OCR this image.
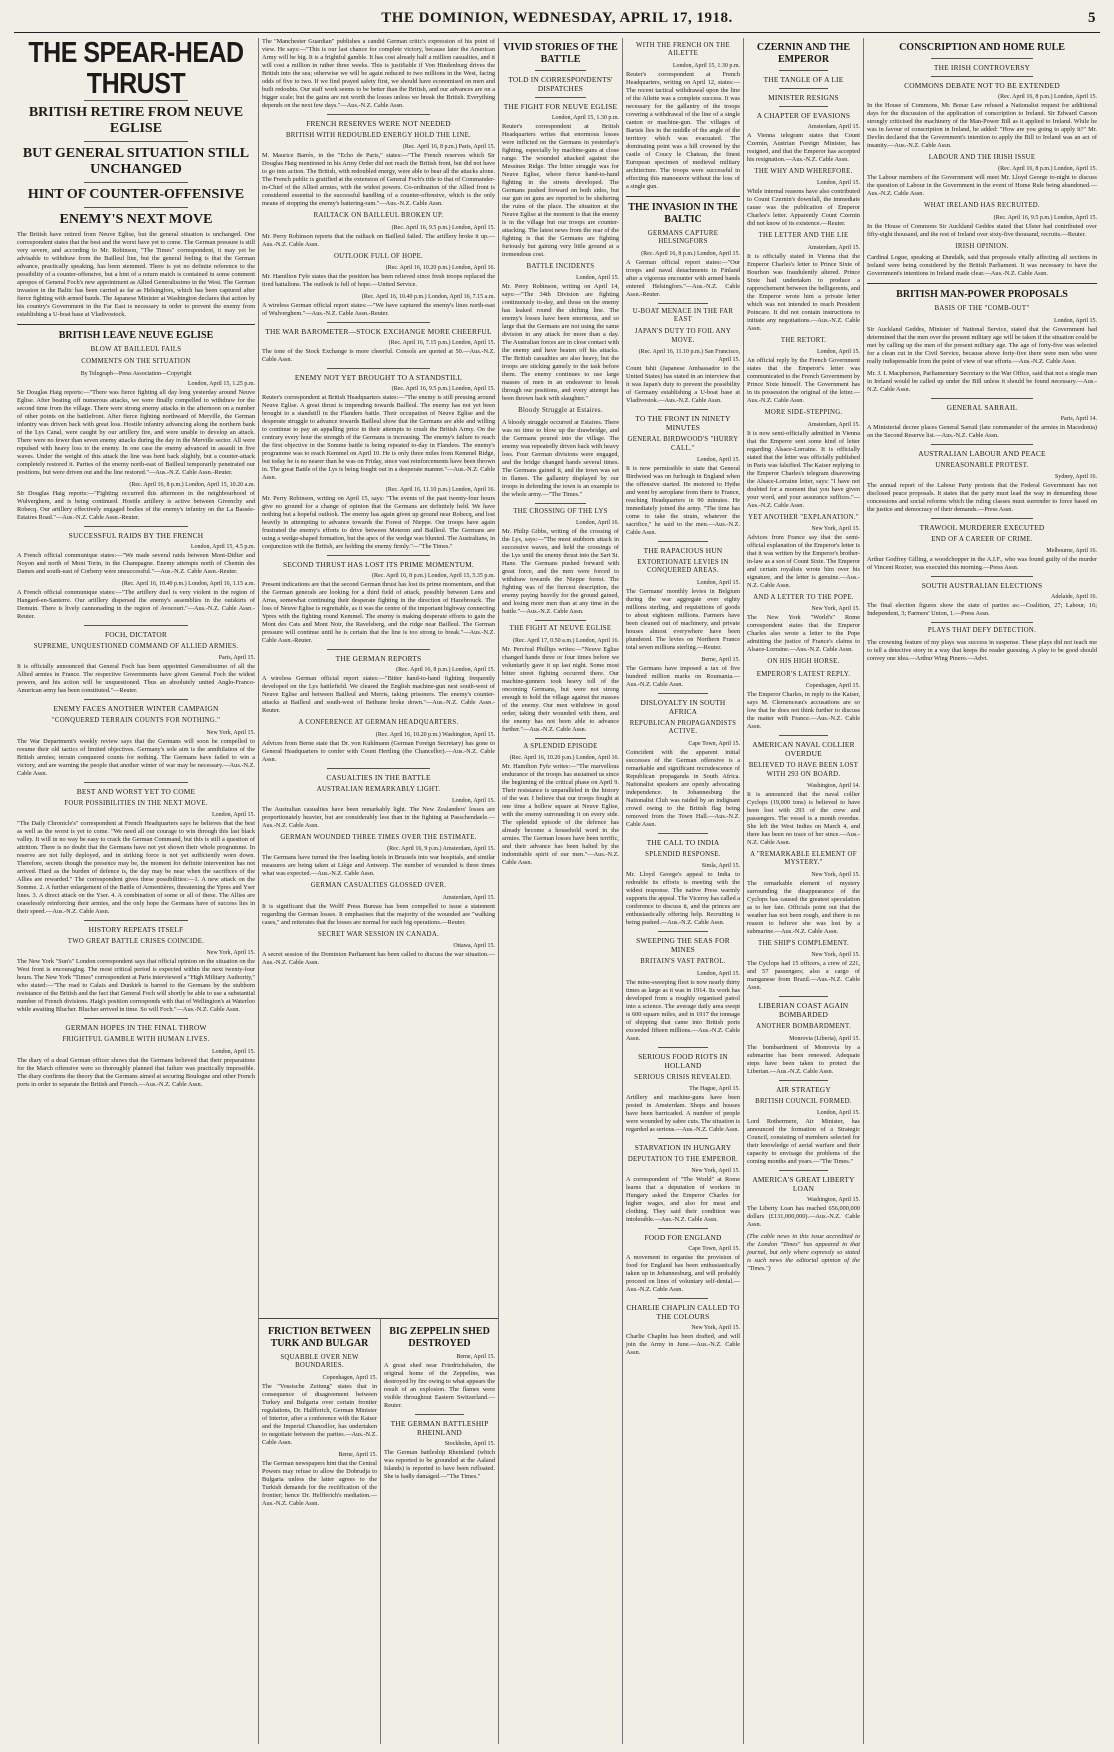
THE DOMINION, WEDNESDAY, APRIL 17, 1918.	5
THE SPEAR-HEAD THRUST
BRITISH RETIRE FROM NEUVE EGLISE
BUT GENERAL SITUATION STILL UNCHANGED
HINT OF COUNTER-OFFENSIVE
ENEMY'S NEXT MOVE

The British have retired from Neuve Eglise, but the general situation is unchanged. One correspondent states that the best and the worst have yet to come. The German pressure is still very severe, and according to Mr. Robinson, "The Times" correspondent, it may yet be advisable to withdraw from the Bailleul line, but the general feeling is that the German advance, practically speaking, has been stemmed. There is yet no definite reference to the possibility of a counter-offensive, but a hint of a return match is contained in some comment apropos of General Foch's new appointment as Allied Generalissimo in the West. The German invasion in the Baltic has been carried as far as Helsingfors, which has been captured after fierce fighting with armed bands. The Japanese Minister at Washington declares that action by his country's Government in the Far East is necessary in order to prevent the enemy from establishing a U-boat base at Vladivostock.

BRITISH LEAVE NEUVE EGLISE
BLOW AT BAILLEUL FAILS
COMMENTS ON THE SITUATION
By Telegraph—Press Association—Copyright
London, April 15, 1.25 p.m.

Sir Douglas Haig reports:—"There was fierce fighting all day long yesterday around Neuve Eglise. After beating off numerous attacks, we were finally compelled to withdraw for the second time from the village. There were strong enemy attacks in the afternoon on a number of other points on the battlefront. After fierce fighting northward of Merville, the German infantry was driven back with great loss. Hostile infantry advancing along the northern bank of the Lys Canal, were caught by our artillery fire, and were unable to develop an attack. There were no fewer than seven enemy attacks during the day in the Merville sector. All were repulsed with heavy loss to the enemy. In one case the enemy advanced in assault in five waves. Under the weight of this attack the line was bent back slightly, but a counter-attack completely restored it. Parties of the enemy north-east of Bailleul temporarily penetrated our positions, but were driven out and the line restored."—Aus.-N.Z. Cable Assn.-Reuter.

(Rec. April 16, 8 p.m.) London, April 15, 10.20 a.m.

Sir Douglas Haig reports:—"Fighting occurred this afternoon in the neighbourhood of Wulverghem, and is being continued. Hostile artillery is active between Givenchy and Robecq. Our artillery effectively engaged bodies of the enemy's infantry on the La Bassée-Estaires Road."—Aus.-N.Z. Cable Assn.-Reuter.

SUCCESSFUL RAIDS BY THE FRENCH
London, April 15, 4.5 p.m.

A French official communique states:—"We made several raids between Mont-Didier and Noyon and north of Mont Torin, in the Champagne. Enemy attempts north of Chemin des Dames and south-east of Corbeny were unsuccessful."—Aus.-N.Z. Cable Assn.-Reuter.

(Rec. April 16, 10.40 p.m.) London, April 16, 1.15 a.m.

A French official communique states:—"The artillery duel is very violent in the region of Hangard-en-Santerre. Our artillery dispersed the enemy's assemblies in the outskirts of Demuin. There is lively cannonading in the region of Avocourt."—Aus.-N.Z. Cable Assn.-Reuter.

FOCH, DICTATOR
SUPREME, UNQUESTIONED COMMAND OF ALLIED ARMIES.
Paris, April 15.

It is officially announced that General Foch has been appointed Generalissimo of all the Allied armies in France. The respective Governments have given General Foch the widest powers, and his action will be unquestioned. Thus an absolutely united Anglo-Franco-American army has been constituted."—Reuter.

ENEMY FACES ANOTHER WINTER CAMPAIGN
"CONQUERED TERRAIN COUNTS FOR NOTHING."
New York, April 15.

The War Department's weekly review says that the Germans will soon be compelled to resume their old tactics of limited objectives. Germany's sole aim is the annihilation of the British armies; terrain conquered counts for nothing. The Germans have failed to win a victory, and are warning the people that another winter of war may be necessary.—Aus.-N.Z. Cable Assn.

BEST AND WORST YET TO COME
FOUR POSSIBILITIES IN THE NEXT MOVE.
London, April 15.

"The Daily Chronicle's" correspondent at French Headquarters says he believes that the best as well as the worst is yet to come. "We need all our courage to win through this last black valley. It will in no way be easy to crack the German Command, but this is still a question of attrition. There is no doubt that the Germans have not yet shown their whole programme. In reserve are not fully deployed, and in striking force is not yet sufficiently worn down. Therefore, secrets though the presence may be, the moment for definite intervention has not arrived. Hard as the burden of defence is, the day may be near when the sacrifices of the Allies are rewarded." The correspondent gives these possibilities:—1. A new attack on the Somme. 2. A further enlargement of the Battle of Armentières, threatening the Ypres and Yser lines. 3. A direct attack on the Yser. 4. A combination of some or all of these. The Allies are ceaselessly reinforcing their armies, and the only hope the Germans have of success lies in their speed.—Aus.-N.Z. Cable Assn.

HISTORY REPEATS ITSELF
TWO GREAT BATTLE CRISES COINCIDE.
New York, April 15.

The New York "Sun's" London correspondent says that official opinion on the situation on the West front is encouraging. The most critical period is expected within the next twenty-four hours. The New York "Times" correspondent at Paris interviewed a "High Military Authority," who stated:—"The road to Calais and Dunkirk is barred to the Germans by the stubborn resistance of the British and the fact that General Foch will shortly be able to use a substantial number of French divisions. Haig's position corresponds with that of Wellington's at Waterloo while awaiting Blucher. Blucher arrived in time. So will Foch."—Aus.-N.Z. Cable Assn.

GERMAN HOPES IN THE FINAL THROW
FRIGHTFUL GAMBLE WITH HUMAN LIVES.
London, April 15.

The diary of a dead German officer shows that the Germans believed that their preparations for the March offensive were so thoroughly planned that failure was practically impossible. The diary confirms the theory that the Germans aimed at securing Boulogne and other French ports in order to separate the British and French.—Aus.-N.Z. Cable Assn.

The "Manchester Guardian" publishes a candid German critic's expression of his point of view. He says:—"This is our last chance for complete victory, because later the American Army will be big. It is a frightful gamble. It has cost already half a million casualties, and it will cost a million in rather three weeks. This is justifiable if Von Hindenburg drives the British into the sea; otherwise we will be again reduced to two millions in the West, facing odds of five to two. If we find prayed safety first, we should have economised on men and built redoubts. Our staff work seems to be better than the British, and our advances are on a bigger scale; but the gains are not worth the losses unless we break the British. Everything depends on the next few days."—Aus.-N.Z. Cable Assn.

FRENCH RESERVES WERE NOT NEEDED
BRITISH WITH REDOUBLED ENERGY HOLD THE LINE.
(Rec. April 16, 8 p.m.) Paris, April 15.

M. Maurice Barrès, in the "Echo de Paris," states:—"The French reserves which Sir Douglas Haig mentioned in his Army Order did not reach the British front, but did not have to go into action. The British, with redoubled energy, were able to bear all the attacks alone. The French public is gratified at the extension of General Foch's title to that of Commander-in-Chief of the Allied armies, with the widest powers. Co-ordination of the Allied front is considered essential to the successful handling of a counter-offensive, which is the only means of stopping the enemy's battering-ram."—Aus.-N.Z. Cable Assn.

RAILTACK ON BAILLEUL BROKEN UP.
(Rec. April 16, 9.5 p.m.) London, April 15.

Mr. Perry Robinson reports that the railtack on Bailleul failed. The artillery broke it up.—Aus.-N.Z. Cable Assn.

OUTLOOK FULL OF HOPE.
(Rec. April 16, 10.20 p.m.) London, April 16.

Mr. Hamilton Fyfe states that the position has been relieved since fresh troops replaced the tired battalions. The outlook is full of hope.—United Service.

(Rec. April 16, 10.40 p.m.) London, April 16, 7.15 a.m.

A wireless German official report states:—"We have captured the enemy's lines north-east of Wulverghem."—Aus.-N.Z. Cable Assn.-Reuter.

THE WAR BAROMETER—STOCK EXCHANGE MORE CHEERFUL
(Rec. April 16, 7.15 p.m.) London, April 15.

The tone of the Stock Exchange is more cheerful. Consols are quoted at 50.—Aus.-N.Z. Cable Assn.

ENEMY NOT YET BROUGHT TO A STANDSTILL
(Rec. April 16, 9.5 p.m.) London, April 15.

Reuter's correspondent at British Headquarters states:—"The enemy is still pressing around Neuve Eglise. A great thrust is impending towards Bailleul. The enemy has not yet been brought to a standstill in the Flanders battle. Their occupation of Neuve Eglise and the desperate struggle to advance towards Bailleul show that the Germans are able and willing to continue to pay an appalling price in their attempts to crush the British Army. On the contrary every hour the strength of the Germans is increasing. The enemy's failure to reach the first objective in the Somme battle is being repeated to-day in Flanders. The enemy's programme was to reach Kemmel on April 10. He is only three miles from Kemmel Ridge, but today he is no nearer than he was on Friday, since vast reinforcements have been thrown in. The great Battle of the Lys is being fought out in a desperate manner."—Aus.-N.Z. Cable Assn.

(Rec. April 16, 11.10 p.m.) London, April 16.

Mr. Perry Robinson, writing on April 15, says: "The events of the past twenty-four hours give no ground for a change of opinion that the Germans are definitely held. We have nothing but a hopeful outlook. The enemy has again given up ground near Robecq, and lost heavily in attempting to advance towards the Forest of Nieppe. Our troops have again frustrated the enemy's efforts to drive between Meteren and Bailleul. The Germans are using a wedge-shaped formation, but the apex of the wedge was blunted. The Australians, in conjunction with the British, are holding the enemy firmly."—"The Times."

SECOND THRUST HAS LOST ITS PRIME MOMENTUM.
(Rec. April 16, 8 p.m.) London, April 15, 5.35 p.m.

Present indications are that the second German thrust has lost its prime momentum, and that the German generals are looking for a third field of attack, possibly between Lens and Arras, somewhat continuing their desperate fighting in the direction of Hazebrouck. The loss of Neuve Eglise is regrettable, as it was the centre of the important highway connecting Ypres with the fighting round Kemmel. The enemy is making desperate efforts to gain the Mont des Cats and Mont Noir, the Ravelsberg, and the ridge near Bailleul. The German pressure will continue until he is certain that the line is too strong to break."—Aus.-N.Z. Cable Assn.-Reuter.

THE GERMAN REPORTS
(Rec. April 16, 8 p.m.) London, April 15.

A wireless German official report states:—"Bitter hand-to-hand fighting frequently developed on the Lys battlefield. We cleared the English machine-gun nest south-west of Neuve Eglise and between Bailleul and Merris, taking prisoners. The enemy's counter-attacks at Bailleul and south-west of Bethune broke down."—Aus.-N.Z. Cable Assn.-Reuter.

A CONFERENCE AT GERMAN HEADQUARTERS.
(Rec. April 16, 10.20 p.m.) Washington, April 15.

Advices from Berne state that Dr. von Kuhlmann (German Foreign Secretary) has gone to General Headquarters to confer with Count Hertling (the Chancellor).—Aus.-N.Z. Cable Assn.

CASUALTIES IN THE BATTLE
AUSTRALIAN REMARKABLY LIGHT.
London, April 15.

The Australian casualties have been remarkably light. The New Zealanders' losses are proportionately heavier, but are considerably less than in the fighting at Passchendaele.—Aus.-N.Z. Cable Assn.

GERMAN WOUNDED THREE TIMES OVER THE ESTIMATE.
(Rec. April 16, 9 p.m.) Amsterdam, April 15.

The Germans have turned the five leading hotels in Brussels into war hospitals, and similar measures are being taken at Liège and Antwerp. The number of wounded is three times what was expected.—Aus.-N.Z. Cable Assn.

GERMAN CASUALTIES GLOSSED OVER.
Amsterdam, April 15.

It is significant that the Wolff Press Bureau has been compelled to issue a statement regarding the German losses. It emphasises that the majority of the wounded are "walking cases," and reiterates that the losses are normal for such big operations.—Reuter.

SECRET WAR SESSION IN CANADA.
Ottawa, April 15.

A secret session of the Dominion Parliament has been called to discuss the war situation.—Aus.-N.Z. Cable Assn.

FRICTION BETWEEN TURK AND BULGAR
SQUABBLE OVER NEW BOUNDARIES.
Copenhagen, April 15.

The "Vossische Zeitung" states that in consequence of disagreement between Turkey and Bulgaria over certain frontier regulations, Dr. Halfferich, German Minister of Interior, after a conference with the Kaiser and the Imperial Chancellor, has undertaken to negotiate between the parties.—Aus.-N.Z. Cable Assn.

Berne, April 15.

The German newspapers hint that the Central Powers may refuse to allow the Dobrudja to Bulgaria unless the latter agrees to the Turkish demands for the rectification of the frontier; hence Dr. Helfferich's mediation.—Aus.-N.Z. Cable Assn.

BIG ZEPPELIN SHED DESTROYED
Berne, April 15.

A great shed near Friedrichshafen, the original home of the Zeppelins, was destroyed by fire owing to what appears the result of an explosion. The flames were visible throughout Eastern Switzerland.—Reuter.

THE GERMAN BATTLESHIP RHEINLAND
Stockholm, April 15.

The German battleship Rheinland (which was reported to be grounded at the Aaland Islands) is reported to have been refloated. She is badly damaged.—"The Times."

VIVID STORIES OF THE BATTLE
TOLD IN CORRESPONDENTS' DISPATCHES
THE FIGHT FOR NEUVE EGLISE
London, April 15, 1.30 p.m.

Reuter's correspondent at British Headquarters writes that enormous losses were inflicted on the Germans in yesterday's fighting, especially by machine-guns at close range. The wounded attacked against the Messines Ridge. The bitter struggle was for Neuve Eglise, where fierce hand-to-hand fighting in the streets developed. The Germans pushed forward on both sides, but our gun on guns are reported to be sheltering the ruins of the place. The situation at the Neuve Eglise at the moment is that the enemy is in the village but our troops are counter-attacking. The latest news from the rear of the fighting is that the Germans are fighting furiously but gaining very little ground at a tremendous cost.

BATTLE INCIDENTS
London, April 15.

Mr. Perry Robinson, writing on April 14, says:—"The 34th Division are fighting continuously to-day, and those on the enemy has leaked round the shifting line. The enemy's losses have been enormous, and so large that the Germans are not using the same division in any attack for more than a day. The Australian forces are in close contact with the enemy and have beaten off his attacks. The British casualties are also heavy, but the troops are sticking gamely to the task before them. The enemy continues to use large masses of men in an endeavour to break through our positions, and every attempt has been thrown back with slaughter."

Bloody Struggle at Estaires.

A bloody struggle occurred at Estaires. There was no time to blow up the drawbridge, and the Germans poured into the village. The enemy was repeatedly driven back with heavy loss. Four German divisions were engaged, and the bridge changed hands several times. The Germans gained it, and the town was set in flames. The gallantry displayed by our troops in defending the town is an example to the whole army.—"The Times."

THE CROSSING OF THE LYS
London, April 16.

Mr. Philip Gibbs, writing of the crossing of the Lys, says:—"The most stubborn attack in successive waves, and held the crossings of the Lys until the enemy thrust into the Sart St. Hane. The Germans pushed forward with great force, and the men were forced to withdraw towards the Nieppe forest. The fighting was of the fiercest description, the enemy paying heavily for the ground gained, and losing more men than at any time in the battle."—Aus.-N.Z. Cable Assn.

THE FIGHT AT NEUVE EGLISE
(Rec. April 17, 0.50 a.m.) London, April 16.

Mr. Percival Phillips writes:—"Neuve Eglise changed hands three or four times before we voluntarily gave it up last night. Some most bitter street fighting occurred there. Our machine-gunners took heavy toll of the oncoming Germans, but were not strong enough to hold the village against the masses of the enemy. Our men withdrew in good order, taking their wounded with them, and the enemy has not been able to advance further."—Aus.-N.Z. Cable Assn.

A SPLENDID EPISODE
(Rec. April 16, 10.20 p.m.) London, April 16.

Mr. Hamilton Fyfe writes:—"The marvellous endurance of the troops has sustained us since the beginning of the critical phase on April 9. Their resistance is unparalleled in the history of the war. I believe that our troops fought at one time a hollow square at Neuve Eglise, with the enemy surrounding it on every side. The splendid episode of the defence has already become a household word in the armies. The German losses have been terrific, and their advance has been halted by the indomitable spirit of our men."—Aus.-N.Z. Cable Assn.

WITH THE FRENCH ON THE AILETTE
London, April 15, 1.30 p.m.

Reuter's correspondent at French Headquarters, writing on April 12, states:—The recent tactical withdrawal upon the line of the Ailette was a complete success. It was necessary for the gallantry of the troops covering a withdrawal of the line of a single canton or machine-gun. The villages of Barisis lies in the middle of the angle of the territory which was evacuated. The dominating point was a hill crowned by the castle of Coucy le Chateau, the finest European specimen of medieval military architecture. The troops were successful in effecting this manoeuvre without the loss of a single gun.

THE INVASION IN THE BALTIC
GERMANS CAPTURE HELSINGFORS
(Rec. April 16, 8 p.m.) London, April 15.

A German official report states:—"Our troops and naval detachments in Finland after a vigorous encounter with armed bands entered Helsingfors."—Aus.-N.Z. Cable Assn.-Reuter.

U-BOAT MENACE IN THE FAR EAST
JAPAN'S DUTY TO FOIL ANY MOVE.
(Rec. April 16, 11.10 p.m.) San Francisco, April 15.

Count Ishii (Japanese Ambassador to the United States) has stated in an interview that it was Japan's duty to prevent the possibility of Germany establishing a U-boat base at Vladivostok.—Aus.-N.Z. Cable Assn.

TO THE FRONT IN NINETY MINUTES
GENERAL BIRDWOOD'S "HURRY CALL."
London, April 15.

It is now permissible to state that General Birdwood was on furlough in England when the offensive started. He motored to Hythe and went by aeroplane from there to France, reaching Headquarters in 90 minutes. He immediately joined the army. "The time has come to take the strain, whatever the sacrifice," he said to the men.—Aus.-N.Z. Cable Assn.

THE RAPACIOUS HUN
EXTORTIONATE LEVIES IN CONQUERED AREAS.
London, April 15.

The Germans' monthly levies in Belgium during the war aggregate over eighty millions sterling, and requisitions of goods to about eighteen millions. Farmers have been cleaned out of machinery, and private houses almost everywhere have been plundered. The levies on Northern France total seven millions sterling.—Reuter.

Berne, April 15.

The Germans have imposed a tax of five hundred million marks on Roumania.—Aus.-N.Z. Cable Assn.

DISLOYALTY IN SOUTH AFRICA
REPUBLICAN PROPAGANDISTS ACTIVE.
Cape Town, April 15.

Coincident with the apparent initial successes of the German offensive is a remarkable and significant recrudescence of Republican propaganda in South Africa. Nationalist speakers are openly advocating independence. In Johannesburg the Nationalist Club was raided by an indignant crowd owing to the British flag being removed from the Town Hall.—Aus.-N.Z. Cable Assn.

THE CALL TO INDIA
SPLENDID RESPONSE.
Simla, April 15.

Mr. Lloyd George's appeal to India to redouble its efforts is meeting with the widest response. The native Press warmly supports the appeal. The Viceroy has called a conference to discuss it, and the princes are enthusiastically offering help. Recruiting is being pushed.—Aus.-N.Z. Cable Assn.

SWEEPING THE SEAS FOR MINES
BRITAIN'S VAST PATROL.
London, April 15.

The mine-sweeping fleet is now nearly thirty times as large as it was in 1914. Its work has developed from a roughly organised patrol into a science. The average daily area swept is 600 square miles, and in 1917 the tonnage of shipping that came into British ports exceeded fifteen millions.—Aus.-N.Z. Cable Assn.

SERIOUS FOOD RIOTS IN HOLLAND
SERIOUS CRISIS REVEALED.
The Hague, April 15.

Artillery and machine-guns have been posted in Amsterdam. Shops and houses have been barricaded. A number of people were wounded by sabre cuts. The situation is regarded as serious.—Aus.-N.Z. Cable Assn.

STARVATION IN HUNGARY
DEPUTATION TO THE EMPEROR.
New York, April 15.

A correspondent of "The World" at Rome learns that a deputation of workers in Hungary asked the Emperor Charles for higher wages, and also for meat and clothing. They said their condition was intolerable.—Aus.-N.Z. Cable Assn.

FOOD FOR ENGLAND
Cape Town, April 15.

A movement to organise the provision of food for England has been enthusiastically taken up in Johannesburg, and will probably proceed on lines of voluntary self-denial.—Aus.-N.Z. Cable Assn.

CHARLIE CHAPLIN CALLED TO THE COLOURS
New York, April 15.

Charlie Chaplin has been drafted, and will join the Army in June.—Aus.-N.Z. Cable Assn.

CZERNIN AND THE EMPEROR
THE TANGLE OF A LIE
MINISTER RESIGNS
A CHAPTER OF EVASIONS
Amsterdam, April 15.

A Vienna telegram states that Count Czernin, Austrian Foreign Minister, has resigned, and that the Emperor has accepted his resignation.—Aus.-N.Z. Cable Assn.

THE WHY AND WHEREFORE.
London, April 15.

While internal reasons have also contributed to Count Czernin's downfall, the immediate cause was the publication of Emperor Charles's letter. Apparently Count Czernin did not know of its existence.—Reuter.

THE LETTER AND THE LIE
Amsterdam, April 15.

It is officially stated in Vienna that the Emperor Charles's letter to Prince Sixte of Bourbon was fraudulently altered. Prince Sixte had undertaken to produce a rapprochement between the belligerents, and the Emperor wrote him a private letter which was not intended to reach President Poincare. It did not contain instructions to initiate any negotiations.—Aus.-N.Z. Cable Assn.

THE RETORT.
London, April 15.

An official reply by the French Government states that the Emperor's letter was communicated to the French Government by Prince Sixte himself. The Government has in its possession the original of the letter.—Aus.-N.Z. Cable Assn.

MORE SIDE-STEPPING.
Amsterdam, April 15.

It is now semi-officially admitted in Vienna that the Emperor sent some kind of letter regarding Alsace-Lorraine. It is officially stated that the letter was officially published in Paris was falsified. The Kaiser replying to the Emperor Charles's telegram disavowing the Alsace-Lorraine letter, says: "I have not doubted for a moment that you have given your word, and your assurance suffices."—Aus.-N.Z. Cable Assn.

YET ANOTHER "EXPLANATION."
New York, April 15.

Advices from France say that the semi-official explanation of the Emperor's letter is that it was written by the Emperor's brother-in-law as a son of Count Sixte. The Emperor and certain royalists wrote him over his signature, and the letter is genuine.—Aus.-N.Z. Cable Assn.

AND A LETTER TO THE POPE.
New York, April 15.

The New York "World's" Rome correspondent states that the Emperor Charles also wrote a letter to the Pope admitting the justice of France's claims to Alsace-Lorraine.—Aus.-N.Z. Cable Assn.

ON HIS HIGH HORSE.
EMPEROR'S LATEST REPLY.
Copenhagen, April 15.

The Emperor Charles, in reply to the Kaiser, says M. Clemenceau's accusations are so low that he does not think further to discuss the matter with France.—Aus.-N.Z. Cable Assn.

AMERICAN NAVAL COLLIER OVERDUE
BELIEVED TO HAVE BEEN LOST WITH 293 ON BOARD.
Washington, April 14.

It is announced that the naval collier Cyclops (19,000 tons) is believed to have been lost with 293 of the crew and passengers. The vessel is a month overdue. She left the West Indies on March 4, and there has been no trace of her since.—Aus.-N.Z. Cable Assn.

A "REMARKABLE ELEMENT OF MYSTERY."
New York, April 15.

The remarkable element of mystery surrounding the disappearance of the Cyclops has caused the greatest speculation as to her fate. Officials point out that the weather has not been rough, and there is no reason to believe she was lost by a submarine.—Aus.-N.Z. Cable Assn.

THE SHIP'S COMPLEMENT.
New York, April 15.

The Cyclops had 15 officers, a crew of 221, and 57 passengers; also a cargo of manganese from Brazil.—Aus.-N.Z. Cable Assn.

LIBERIAN COAST AGAIN BOMBARDED
ANOTHER BOMBARDMENT.
Monrovia (Liberia), April 15.

The bombardment of Monrovia by a submarine has been renewed. Adequate steps have been taken to protect the Liberian.—Aus.-N.Z. Cable Assn.

AIR STRATEGY
BRITISH COUNCIL FORMED.
London, April 15.

Lord Rothermere, Air Minister, has announced the formation of a Strategic Council, consisting of members selected for their knowledge of aerial warfare and their capacity to envisage the problems of the coming months and years.—"The Times."

AMERICA'S GREAT LIBERTY LOAN
Washington, April 15.

The Liberty Loan has reached 656,000,000 dollars (£131,000,000).—Aus.-N.Z. Cable Assn.

(The cable news in this issue accredited to the London "Times" has appeared in that journal, but only where expressly so stated is such news the editorial opinion of the "Times.")

CONSCRIPTION AND HOME RULE
THE IRISH CONTROVERSY
COMMONS DEBATE NOT TO BE EXTENDED
(Rec. April 16, 8 p.m.) London, April 15.

In the House of Commons, Mr. Bonar Law refused a Nationalist request for additional days for the discussion of the application of conscription to Ireland. Sir Edward Carson strongly criticised the machinery of the Man-Power Bill as it applied to Ireland. While he was in favour of conscription in Ireland, he added: "How are you going to apply it?" Mr. Devlin declared that the Government's intention to apply the Bill to Ireland was an act of insanity.—Aus.-N.Z. Cable Assn.

LABOUR AND THE IRISH ISSUE
(Rec. April 16, 8 p.m.) London, April 15.

The Labour members of the Government will meet Mr. Lloyd George to-night to discuss the question of Labour in the Government in the event of Home Rule being abandoned.—Aus.-N.Z. Cable Assn.

WHAT IRELAND HAS RECRUITED.
(Rec. April 16, 9.5 p.m.) London, April 15.

In the House of Commons Sir Auckland Geddes stated that Ulster had contributed over fifty-eight thousand, and the rest of Ireland over sixty-five thousand, recruits.—Reuter.

IRISH OPINION.

Cardinal Logue, speaking at Dundalk, said that proposals vitally affecting all sections in Ireland were being considered by the British Parliament. It was necessary to have the Government's intentions in Ireland made clear.—Aus.-N.Z. Cable Assn.

BRITISH MAN-POWER PROPOSALS
BASIS OF THE "COMB-OUT"
London, April 15.

Sir Auckland Geddes, Minister of National Service, stated that the Government had determined that the men over the present military age will be taken if the situation could be met by calling up the men of the present military age. The age of forty-five was selected for a clean cut in the Civil Service, because above forty-five there were men who were really indispensable from the point of view of war efforts.—Aus.-N.Z. Cable Assn.

Mr. J. I. Macpherson, Parliamentary Secretary to the War Office, said that not a single man in Ireland would be called up under the Bill unless it should be found necessary.—Aus.-N.Z. Cable Assn.

GENERAL SARRAIL
Paris, April 14.

A Ministerial decree places General Sarrail (late commander of the armies in Macedonia) on the Second Reserve list.—Aus.-N.Z. Cable Assn.

AUSTRALIAN LABOUR AND PEACE
UNREASONABLE PROTEST.
Sydney, April 16.

The annual report of the Labour Party protests that the Federal Government has not disclosed peace proposals. It states that the party must lead the way in demanding those concessions and social reforms which the ruling classes must surrender to force based on the justice and democracy of their demands.—Press Assn.

TRAWOOL MURDERER EXECUTED
END OF A CAREER OF CRIME.
Melbourne, April 16.

Arthur Godfrey Gilling, a woodchopper in the A.I.F., who was found guilty of the murder of Vincent Rozier, was executed this morning.—Press Assn.

SOUTH AUSTRALIAN ELECTIONS
Adelaide, April 16.

The final election figures show the state of parties as:—Coalition, 27; Labour, 16; Independent, 3; Farmers' Union, 1.—Press Assn.

PLAYS THAT DEFY DETECTION.

The crowning feature of my plays was success in suspense. These plays did not teach me to tell a detective story in a way that keeps the reader guessing. A play to be good should convey one idea.—Arthur Wing Pinero.—Advt.
